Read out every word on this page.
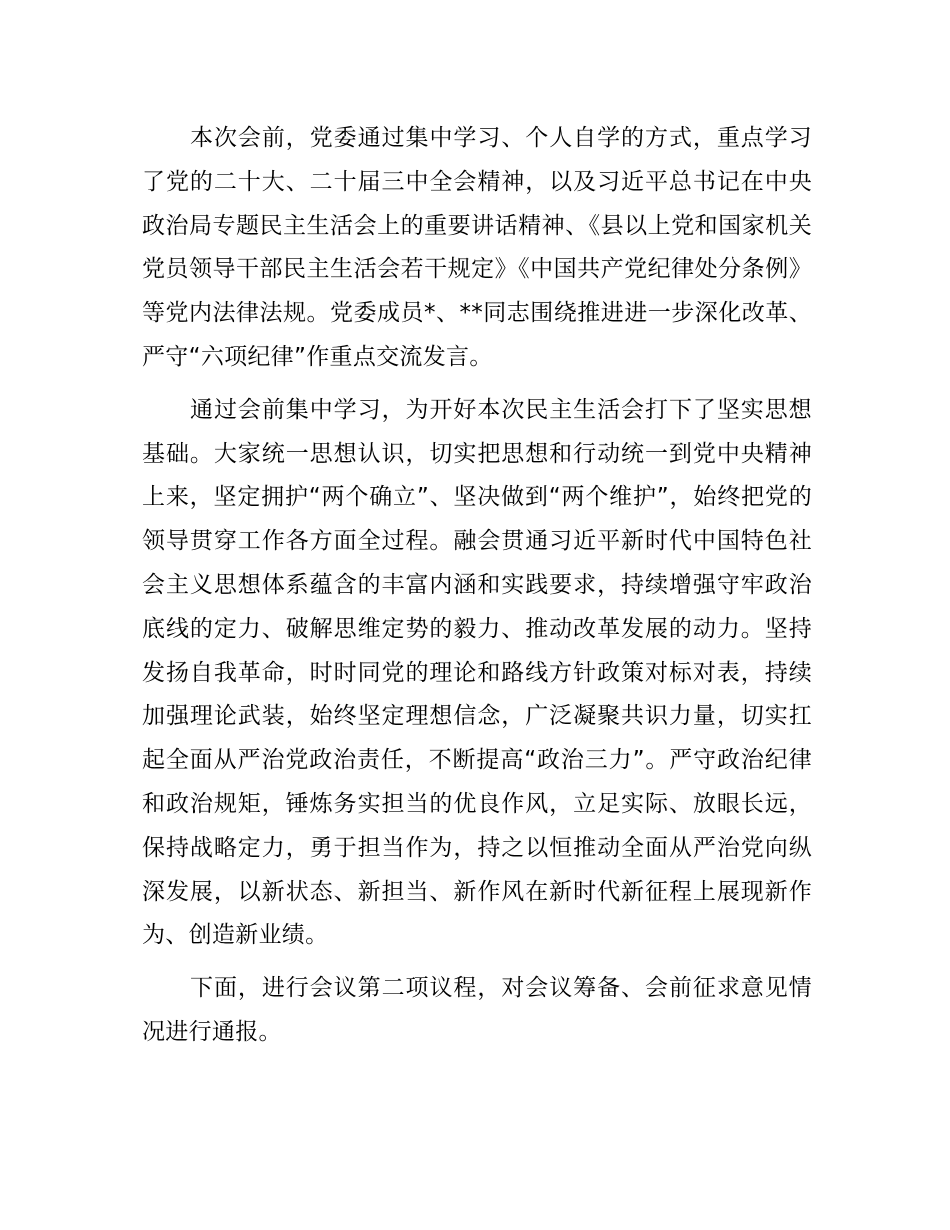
本次会前，党委通过集中学习、个人自学的方式，重点学习了党的二十大、二十届三中全会精神，以及习近平总书记在中央政治局专题民主生活会上的重要讲话精神、《县以上党和国家机关党员领导干部民主生活会若干规定》《中国共产党纪律处分条例》等党内法律法规。党委成员*、**同志围绕推进进一步深化改革、严守“六项纪律”作重点交流发言。

通过会前集中学习，为开好本次民主生活会打下了坚实思想基础。大家统一思想认识，切实把思想和行动统一到党中央精神上来，坚定拥护“两个确立”、坚决做到“两个维护”，始终把党的领导贯穿工作各方面全过程。融会贯通习近平新时代中国特色社会主义思想体系蕴含的丰富内涵和实践要求，持续增强守牢政治底线的定力、破解思维定势的毅力、推动改革发展的动力。坚持发扬自我革命，时时同党的理论和路线方针政策对标对表，持续加强理论武装，始终坚定理想信念，广泛凝聚共识力量，切实扛起全面从严治党政治责任，不断提高“政治三力”。严守政治纪律和政治规矩，锤炼务实担当的优良作风，立足实际、放眼长远，保持战略定力，勇于担当作为，持之以恒推动全面从严治党向纵深发展，以新状态、新担当、新作风在新时代新征程上展现新作为、创造新业绩。

下面，进行会议第二项议程，对会议筹备、会前征求意见情况进行通报。
